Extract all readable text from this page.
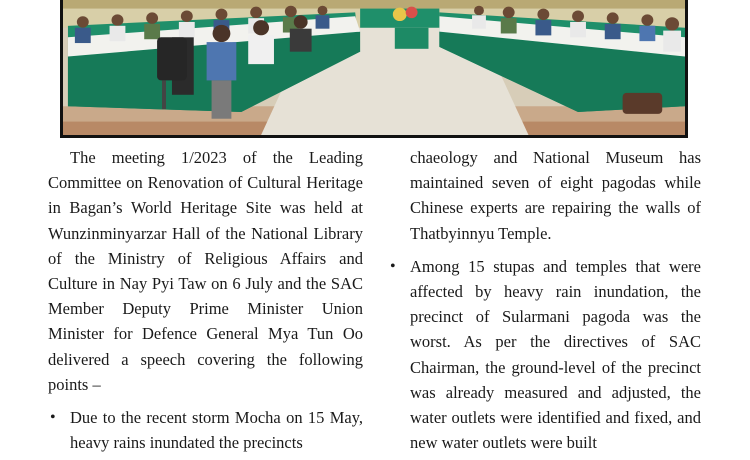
The meeting 1/2023 of the Leading Committee on Renovation of Cultural Heritage in Bagan’s World Heritage Site was held at Wunzinminyarzar Hall of the National Library of the Ministry of Religious Affairs and Culture in Nay Pyi Taw on 6 July and the SAC Member Deputy Prime Minister Union Minister for Defence General Mya Tun Oo delivered a speech covering the following points –

• Due to the recent storm Mocha on 15 May, heavy rains inundated the precincts

chaeology and National Museum has maintained seven of eight pagodas while Chinese experts are repairing the walls of Thatbyinnyu Temple.

• Among 15 stupas and temples that were affected by heavy rain inundation, the precinct of Sularmani pagoda was the worst. As per the directives of SAC Chairman, the ground-level of the precinct was already measured and adjusted, the water outlets were identified and fixed, and new water outlets were built
